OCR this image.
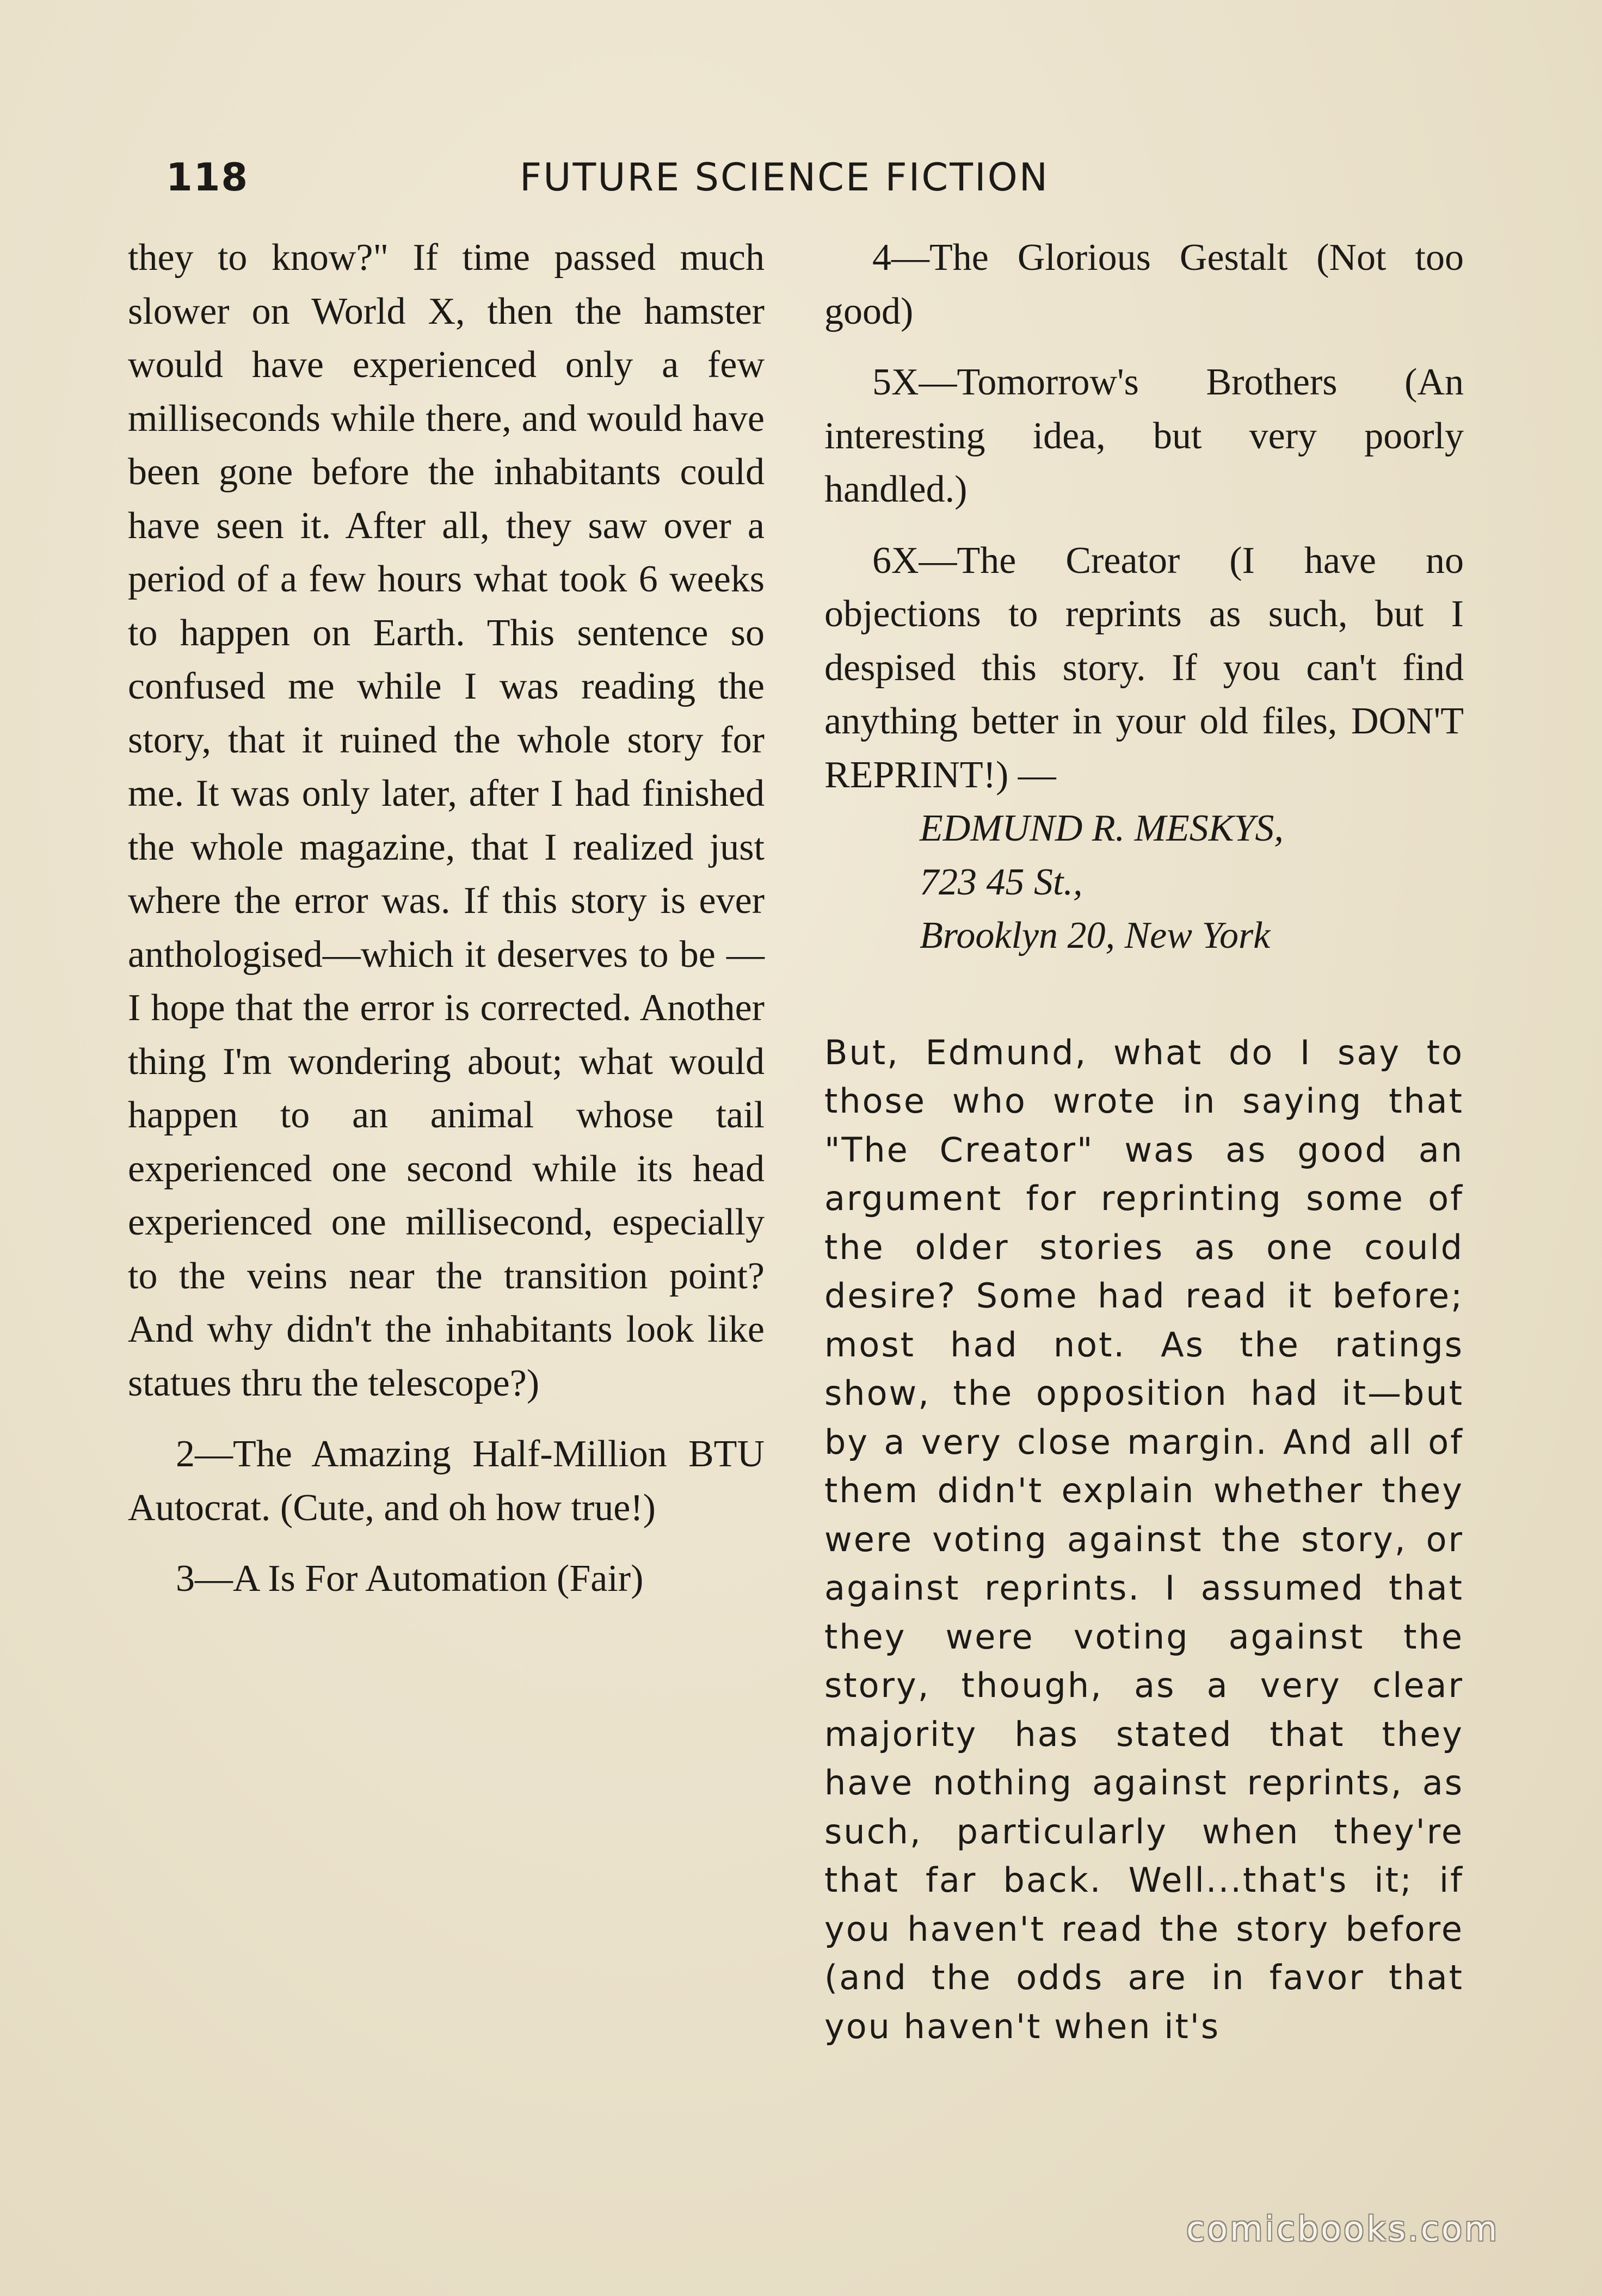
118	FUTURE SCIENCE FICTION

they to know?" If time passed much slower on World X, then the hamster would have experienced only a few milliseconds while there, and would have been gone before the inhabitants could have seen it. After all, they saw over a period of a few hours what took 6 weeks to happen on Earth. This sentence so confused me while I was reading the story, that it ruined the whole story for me. It was only later, after I had finished the whole magazine, that I realized just where the error was. If this story is ever anthologised—which it deserves to be —I hope that the error is corrected. Another thing I'm wondering about; what would happen to an animal whose tail experienced one second while its head experienced one millisecond, especially to the veins near the transition point? And why didn't the inhabitants look like statues thru the telescope?)

2—The Amazing Half-Million BTU Autocrat. (Cute, and oh how true!)

3—A Is For Automation (Fair)

4—The Glorious Gestalt (Not too good)

5X—Tomorrow's Brothers (An interesting idea, but very poorly handled.)

6X—The Creator (I have no objections to reprints as such, but I despised this story. If you can't find anything better in your old files, DON'T REPRINT!) —

EDMUND R. MESKYS,

723 45 St.,

Brooklyn 20, New York

But, Edmund, what do I say to those who wrote in saying that "The Creator" was as good an argument for reprinting some of the older stories as one could desire? Some had read it before; most had not. As the ratings show, the opposition had it—but by a very close margin. And all of them didn't explain whether they were voting against the story, or against reprints. I assumed that they were voting against the story, though, as a very clear majority has stated that they have nothing against reprints, as such, particularly when they're that far back. Well...that's it; if you haven't read the story before (and the odds are in favor that you haven't when it's

comicbooks.com
